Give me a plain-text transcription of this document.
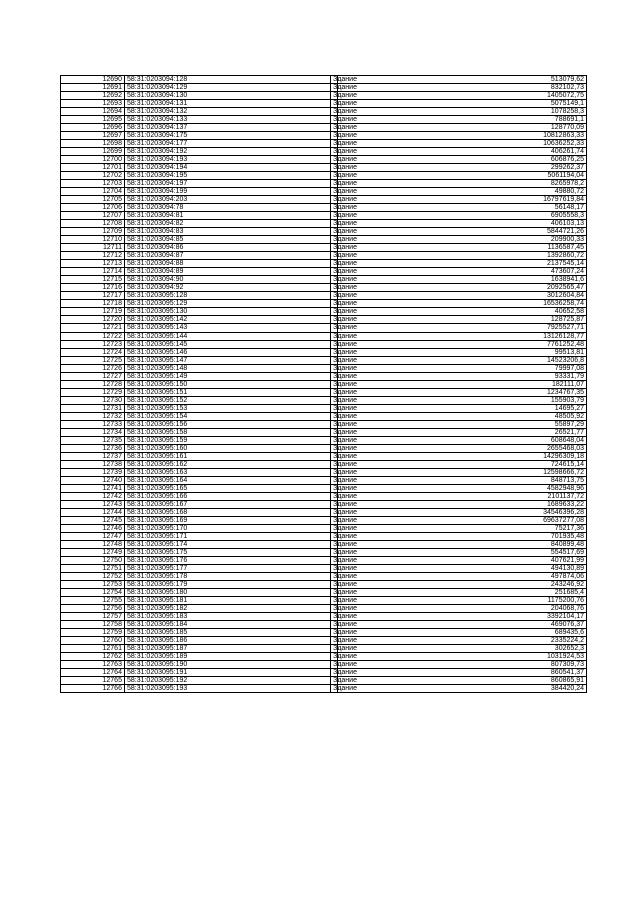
12690	58:31:0203094:128	Здание	513079,62
12691	58:31:0203094:129	Здание	832102,73
12692	58:31:0203094:130	Здание	1405072,75
12693	58:31:0203094:131	Здание	5075149,1
12694	58:31:0203094:132	Здание	1078258,3
12695	58:31:0203094:133	Здание	788691,1
12696	58:31:0203094:137	Здание	128770,09
12697	58:31:0203094:175	Здание	10812863,33
12698	58:31:0203094:177	Здание	10636252,33
12699	58:31:0203094:192	Здание	406261,74
12700	58:31:0203094:193	Здание	606876,25
12701	58:31:0203094:194	Здание	299262,37
12702	58:31:0203094:195	Здание	5061194,04
12703	58:31:0203094:197	Здание	8265978,2
12704	58:31:0203094:199	Здание	49880,72
12705	58:31:0203094:203	Здание	16797619,84
12706	58:31:0203094:78	Здание	56148,17
12707	58:31:0203094:81	Здание	6905558,3
12708	58:31:0203094:82	Здание	406103,13
12709	58:31:0203094:83	Здание	5844721,26
12710	58:31:0203094:85	Здание	209900,33
12711	58:31:0203094:86	Здание	1136587,45
12712	58:31:0203094:87	Здание	1392860,72
12713	58:31:0203094:88	Здание	2137545,14
12714	58:31:0203094:89	Здание	473607,24
12715	58:31:0203094:90	Здание	1638941,6
12716	58:31:0203094:92	Здание	2092565,47
12717	58:31:0203095:128	Здание	3012604,84
12718	58:31:0203095:129	Здание	16536258,74
12719	58:31:0203095:130	Здание	40652,58
12720	58:31:0203095:142	Здание	128725,87
12721	58:31:0203095:143	Здание	7925527,71
12722	58:31:0203095:144	Здание	13126128,77
12723	58:31:0203095:145	Здание	7761252,48
12724	58:31:0203095:146	Здание	99513,81
12725	58:31:0203095:147	Здание	14523206,8
12726	58:31:0203095:148	Здание	79997,08
12727	58:31:0203095:149	Здание	93331,79
12728	58:31:0203095:150	Здание	182111,07
12729	58:31:0203095:151	Здание	1234767,35
12730	58:31:0203095:152	Здание	155903,79
12731	58:31:0203095:153	Здание	14695,27
12732	58:31:0203095:154	Здание	48505,92
12733	58:31:0203095:156	Здание	55897,29
12734	58:31:0203095:158	Здание	26521,77
12735	58:31:0203095:159	Здание	608648,04
12736	58:31:0203095:160	Здание	2655468,03
12737	58:31:0203095:161	Здание	14296309,18
12738	58:31:0203095:162	Здание	724615,14
12739	58:31:0203095:163	Здание	12598666,72
12740	58:31:0203095:164	Здание	848713,75
12741	58:31:0203095:165	Здание	4582948,96
12742	58:31:0203095:166	Здание	2101137,72
12743	58:31:0203095:167	Здание	1689633,22
12744	58:31:0203095:168	Здание	34546396,28
12745	58:31:0203095:169	Здание	69637277,08
12746	58:31:0203095:170	Здание	75217,36
12747	58:31:0203095:171	Здание	701935,48
12748	58:31:0203095:174	Здание	840899,48
12749	58:31:0203095:175	Здание	554517,69
12750	58:31:0203095:176	Здание	407621,99
12751	58:31:0203095:177	Здание	494130,89
12752	58:31:0203095:178	Здание	497874,06
12753	58:31:0203095:179	Здание	243246,92
12754	58:31:0203095:180	Здание	251685,4
12755	58:31:0203095:181	Здание	1175200,76
12756	58:31:0203095:182	Здание	204068,76
12757	58:31:0203095:183	Здание	3392104,17
12758	58:31:0203095:184	Здание	469076,37
12759	58:31:0203095:185	Здание	689435,6
12760	58:31:0203095:186	Здание	2335224,2
12761	58:31:0203095:187	Здание	302652,3
12762	58:31:0203095:189	Здание	1031924,53
12763	58:31:0203095:190	Здание	807309,73
12764	58:31:0203095:191	Здание	860541,37
12765	58:31:0203095:192	Здание	860865,91
12766	58:31:0203095:193	Здание	384420,24
